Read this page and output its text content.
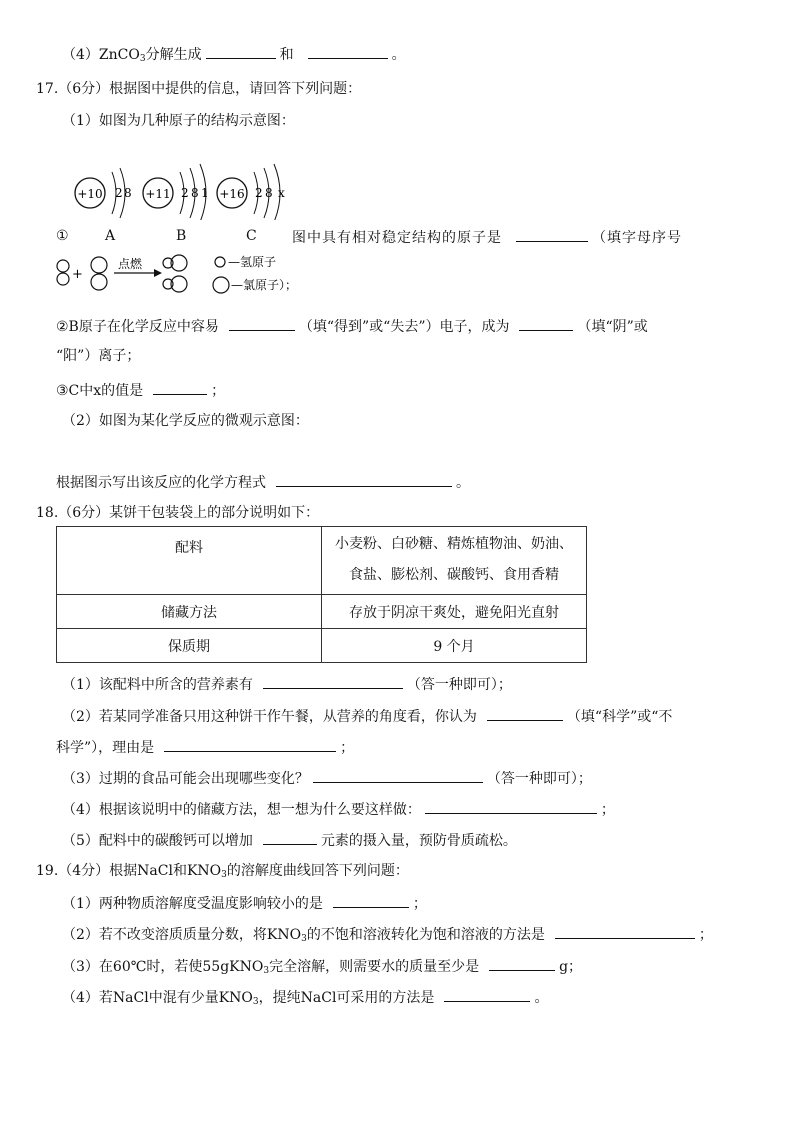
（4）ZnCO$_3$分解生成	和	。
17.（6分）根据图中提供的信息，请回答下列问题：
（1）如图为几种原子的结构示意图：
+10 2 8 +11 2 8 1 +16 2 8 x
①	A	B	C	图中具有相对稳定结构的原子是	（填字母序号
+
点燃	—氢原子
—氯原子）；
②B原子在化学反应中容易	（填“得到”或“失去”）电子，成为	（填“阴”或
“阳”）离子；
③C中x的值是	；
（2）如图为某化学反应的微观示意图：
根据图示写出该反应的化学方程式	。
18.（6分）某饼干包装袋上的部分说明如下：
配料	小麦粉、白砂糖、精炼植物油、奶油、
食盐、膨松剂、碳酸钙、食用香精

储藏方法	存放于阴凉干爽处，避免阳光直射
保质期	9 个月
（1）该配料中所含的营养素有	（答一种即可）；
（2）若某同学准备只用这种饼干作午餐，从营养的角度看，你认为	（填“科学”或“不
科学”），理由是	；
（3）过期的食品可能会出现哪些变化？	（答一种即可）；
（4）根据该说明中的储藏方法，想一想为什么要这样做：	；
（5）配料中的碳酸钙可以增加	元素的摄入量，预防骨质疏松。
19.（4分）根据NaCl和$KNO_3$的溶解度曲线回答下列问题：
（1）两种物质溶解度受温度影响较小的是	；
（2）若不改变溶质质量分数，将$KNO_3$的不饱和溶液转化为饱和溶液的方法是	；
（3）在60℃时，若使55gKNO$_3$完全溶解，则需要水的质量至少是	g；
（4）若NaCl中混有少量$KNO_3$，提纯NaCl可采用的方法是	。
